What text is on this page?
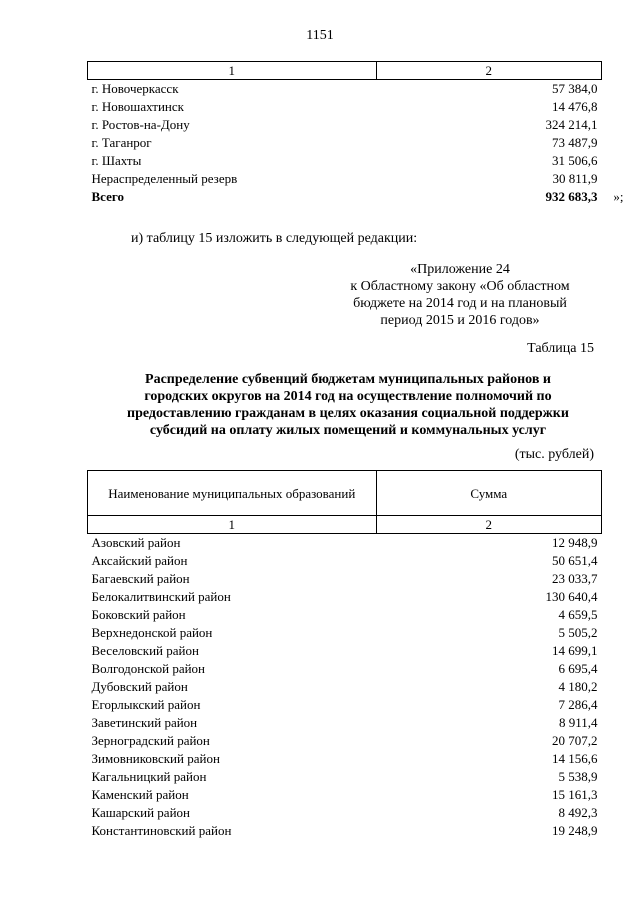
1151
1	2
г. Новочеркасск	57 384,0
г. Новошахтинск	14 476,8
г. Ростов-на-Дону	324 214,1
г. Таганрог	73 487,9
г. Шахты	31 506,6
Нераспределенный резерв	30 811,9
Всего	932 683,3 »;
и) таблицу 15 изложить в следующей редакции:
«Приложение 24
к Областному закону «Об областном
бюджете на 2014 год и на плановый
период 2015 и 2016 годов»
Таблица 15
Распределение субвенций бюджетам муниципальных районов и
городских округов на 2014 год на осуществление полномочий по
предоставлению гражданам в целях оказания социальной поддержки
субсидий на оплату жилых помещений и коммунальных услуг
(тыс. рублей)
Наименование муниципальных образований	Сумма
1	2
Азовский район	12 948,9
Аксайский район	50 651,4
Багаевский район	23 033,7
Белокалитвинский район	130 640,4
Боковский район	4 659,5
Верхнедонской район	5 505,2
Веселовский район	14 699,1
Волгодонской район	6 695,4
Дубовский район	4 180,2
Егорлыкский район	7 286,4
Заветинский район	8 911,4
Зерноградский район	20 707,2
Зимовниковский район	14 156,6
Кагальницкий район	5 538,9
Каменский район	15 161,3
Кашарский район	8 492,3
Константиновский район	19 248,9
